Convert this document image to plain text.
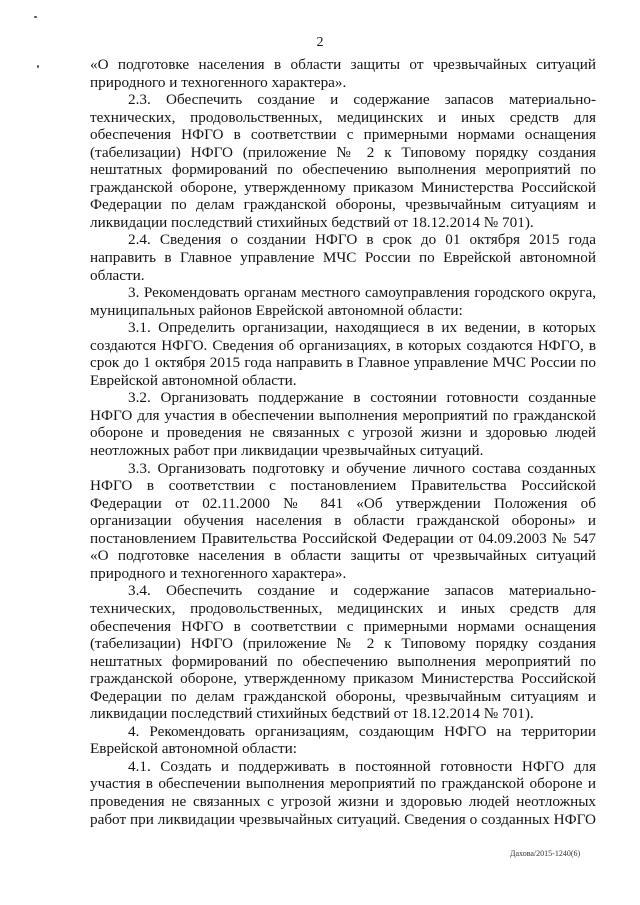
2

«О подготовке населения в области защиты от чрезвычайных ситуаций природного и техногенного характера».

2.3. Обеспечить создание и содержание запасов материально-технических, продовольственных, медицинских и иных средств для обеспечения НФГО в соответствии с примерными нормами оснащения (табелизации) НФГО (приложение № 2 к Типовому порядку создания нештатных формирований по обеспечению выполнения мероприятий по гражданской обороне, утвержденному приказом Министерства Российской Федерации по делам гражданской обороны, чрезвычайным ситуациям и ликвидации последствий стихийных бедствий от 18.12.2014 № 701).

2.4. Сведения о создании НФГО в срок до 01 октября 2015 года направить в Главное управление МЧС России по Еврейской автономной области.

3. Рекомендовать органам местного самоуправления городского округа, муниципальных районов Еврейской автономной области:

3.1. Определить организации, находящиеся в их ведении, в которых создаются НФГО. Сведения об организациях, в которых создаются НФГО, в срок до 1 октября 2015 года направить в Главное управление МЧС России по Еврейской автономной области.

3.2. Организовать поддержание в состоянии готовности созданные НФГО для участия в обеспечении выполнения мероприятий по гражданской обороне и проведения не связанных с угрозой жизни и здоровью людей неотложных работ при ликвидации чрезвычайных ситуаций.

3.3. Организовать подготовку и обучение личного состава созданных НФГО в соответствии с постановлением Правительства Российской Федерации от 02.11.2000 № 841 «Об утверждении Положения об организации обучения населения в области гражданской обороны» и постановлением Правительства Российской Федерации от 04.09.2003 № 547 «О подготовке населения в области защиты от чрезвычайных ситуаций природного и техногенного характера».

3.4. Обеспечить создание и содержание запасов материально-технических, продовольственных, медицинских и иных средств для обеспечения НФГО в соответствии с примерными нормами оснащения (табелизации) НФГО (приложение № 2 к Типовому порядку создания нештатных формирований по обеспечению выполнения мероприятий по гражданской обороне, утвержденному приказом Министерства Российской Федерации по делам гражданской обороны, чрезвычайным ситуациям и ликвидации последствий стихийных бедствий от 18.12.2014 № 701).

4. Рекомендовать организациям, создающим НФГО на территории Еврейской автономной области:

4.1. Создать и поддерживать в постоянной готовности НФГО для участия в обеспечении выполнения мероприятий по гражданской обороне и проведения не связанных с угрозой жизни и здоровью людей неотложных работ при ликвидации чрезвычайных ситуаций. Сведения о созданных НФГО

Дахова/2015-1240(6)
